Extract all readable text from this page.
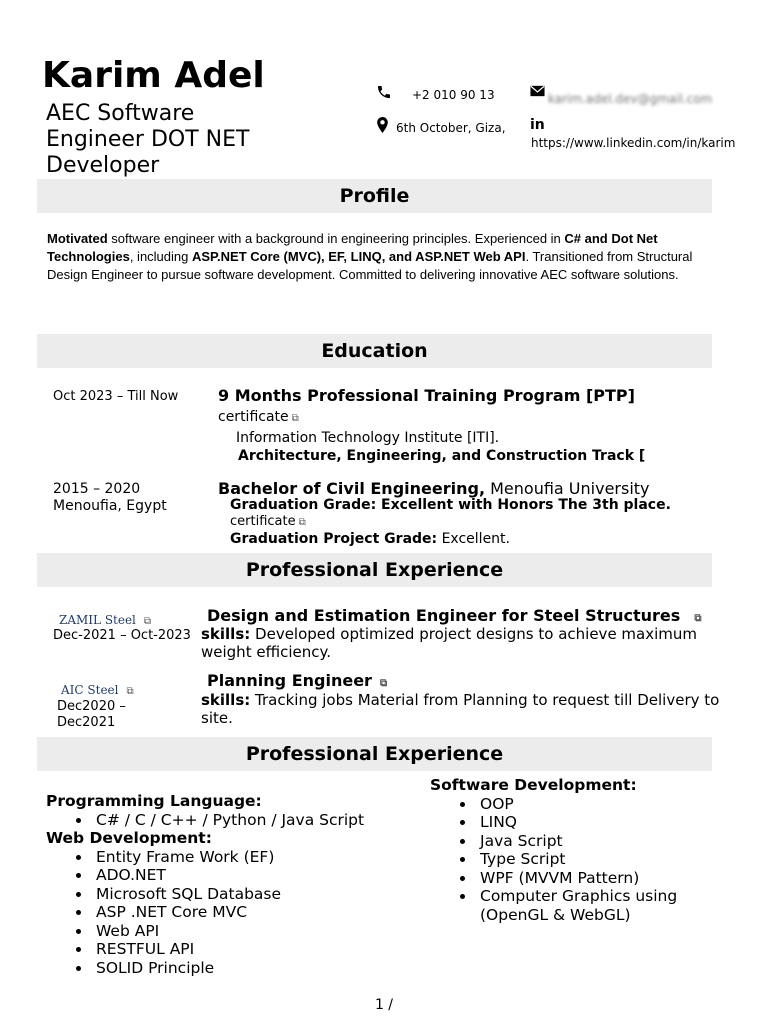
Karim Adel
AEC Software Engineer DOT NET Developer
+2 010 90 13	karim.adel.dev@gmail.com
6th October, Giza, in
https://www.linkedin.com/in/karim
Profile
Motivated software engineer with a background in engineering principles. Experienced in C# and Dot Net Technologies, including ASP.NET Core (MVC), EF, LINQ, and ASP.NET Web API. Transitioned from Structural Design Engineer to pursue software development. Committed to delivering innovative AEC software solutions.
Education
Oct 2023 – Till Now	9 Months Professional Training Program [PTP]
certificate ⧉
Information Technology Institute [ITI].
Architecture, Engineering, and Construction Track [
2015 – 2020 Menoufia, Egypt
Bachelor of Civil Engineering, Menoufia University
Graduation Grade: Excellent with Honors The 3th place.
certificate ⧉
Graduation Project Grade: Excellent.
Professional Experience
ZAMIL Steel ⧉
Dec-2021 – Oct-2023
Design and Estimation Engineer for Steel Structures ⧉
skills: Developed optimized project designs to achieve maximum weight efficiency.
AIC Steel ⧉
Dec2020 – Dec2021
Planning Engineer ⧉
skills: Tracking jobs Material from Planning to request till Delivery to site.
Professional Experience
Programming Language:
• C# / C / C++ / Python / Java Script
Web Development:
• Entity Frame Work (EF)
• ADO.NET
• Microsoft SQL Database
• ASP .NET Core MVC
• Web API
• RESTFUL API
• SOLID Principle
Software Development:
• OOP
• LINQ
• Java Script
• Type Script
• WPF (MVVM Pattern)
• Computer Graphics using (OpenGL & WebGL)
1 /
